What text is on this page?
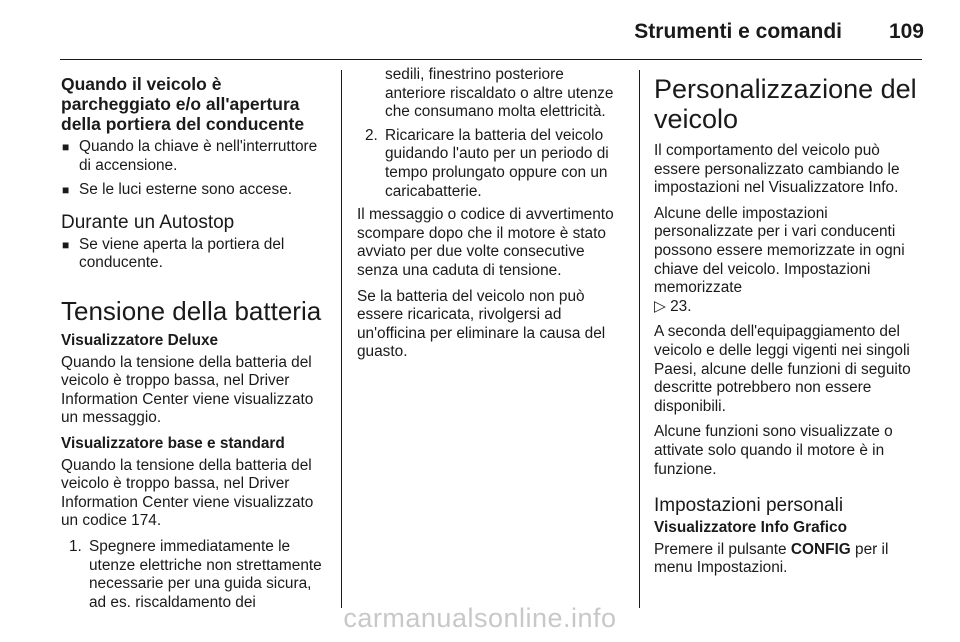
Strumenti e comandi 109
Quando il veicolo è parcheggiato e/o all'apertura della portiera del conducente
■ Quando la chiave è nell'interruttore di accensione.
■ Se le luci esterne sono accese.
Durante un Autostop
■ Se viene aperta la portiera del conducente.
Tensione della batteria
Visualizzatore Deluxe

Quando la tensione della batteria del veicolo è troppo bassa, nel Driver Information Center viene visualizzato un messaggio.

Visualizzatore base e standard

Quando la tensione della batteria del veicolo è troppo bassa, nel Driver Information Center viene visualizzato un codice 174.

1. Spegnere immediatamente le utenze elettriche non strettamente necessarie per una guida sicura, ad es. riscaldamento dei
sedili, finestrino posteriore anteriore riscaldato o altre utenze che consumano molta elettricità.
2. Ricaricare la batteria del veicolo guidando l'auto per un periodo di tempo prolungato oppure con un caricabatterie.

Il messaggio o codice di avvertimento scompare dopo che il motore è stato avviato per due volte consecutive senza una caduta di tensione.

Se la batteria del veicolo non può essere ricaricata, rivolgersi ad un'officina per eliminare la causa del guasto.

Personalizzazione del veicolo

Il comportamento del veicolo può essere personalizzato cambiando le impostazioni nel Visualizzatore Info.

Alcune delle impostazioni personalizzate per i vari conducenti possono essere memorizzate in ogni chiave del veicolo. Impostazioni memorizzate
▷ 23.

A seconda dell'equipaggiamento del veicolo e delle leggi vigenti nei singoli Paesi, alcune delle funzioni di seguito descritte potrebbero non essere disponibili.

Alcune funzioni sono visualizzate o attivate solo quando il motore è in funzione.

Impostazioni personali
Visualizzatore Info Grafico

Premere il pulsante CONFIG per il menu Impostazioni.

carmanualsonline.info
